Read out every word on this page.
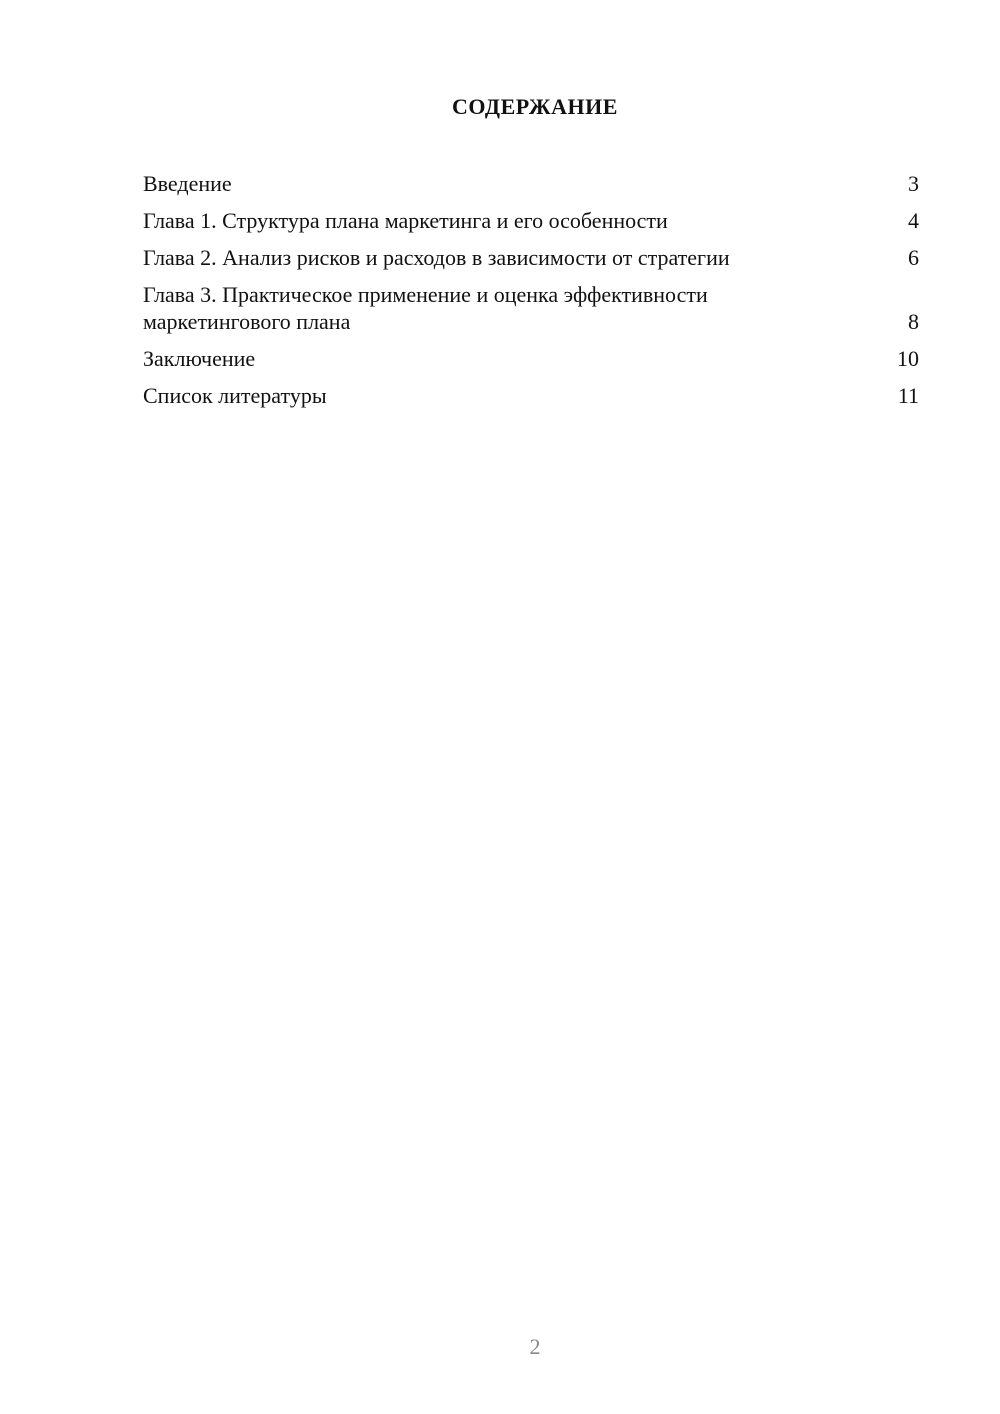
СОДЕРЖАНИЕ
Введение	3
Глава 1. Структура плана маркетинга и его особенности	4
Глава 2. Анализ рисков и расходов в зависимости от стратегии	6
Глава 3. Практическое применение и оценка эффективности
маркетингового плана	8
Заключение	10
Список литературы	11
2
